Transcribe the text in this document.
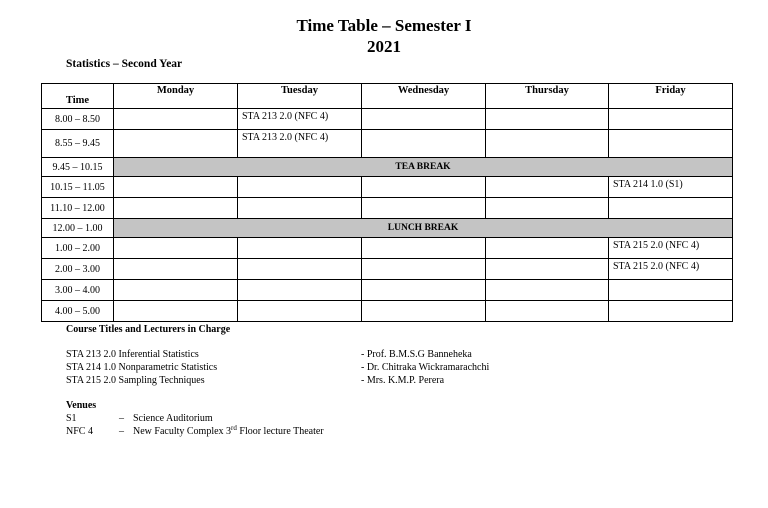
Time Table – Semester I
2021
Statistics – Second Year
Time	Monday	Tuesday	Wednesday	Thursday	Friday
8.00 – 8.50		STA 213 2.0 (NFC 4)			
8.55 – 9.45		STA 213 2.0 (NFC 4)			
9.45 – 10.15	TEA BREAK				
10.15 – 11.05					STA 214 1.0 (S1)
11.10 – 12.00					
12.00 – 1.00	LUNCH BREAK				
1.00 – 2.00					STA 215 2.0 (NFC 4)
2.00 – 3.00					STA 215 2.0 (NFC 4)
3.00 – 4.00					
4.00 – 5.00					
Course Titles and Lecturers in Charge
STA 213 2.0 Inferential Statistics	- Prof. B.M.S.G Banneheka
STA 214 1.0 Nonparametric Statistics	- Dr. Chitraka Wickramarachchi
STA 215 2.0 Sampling Techniques	- Mrs. K.M.P. Perera
Venues
S1	– Science Auditorium
NFC 4	– New Faculty Complex 3rd Floor lecture Theater
